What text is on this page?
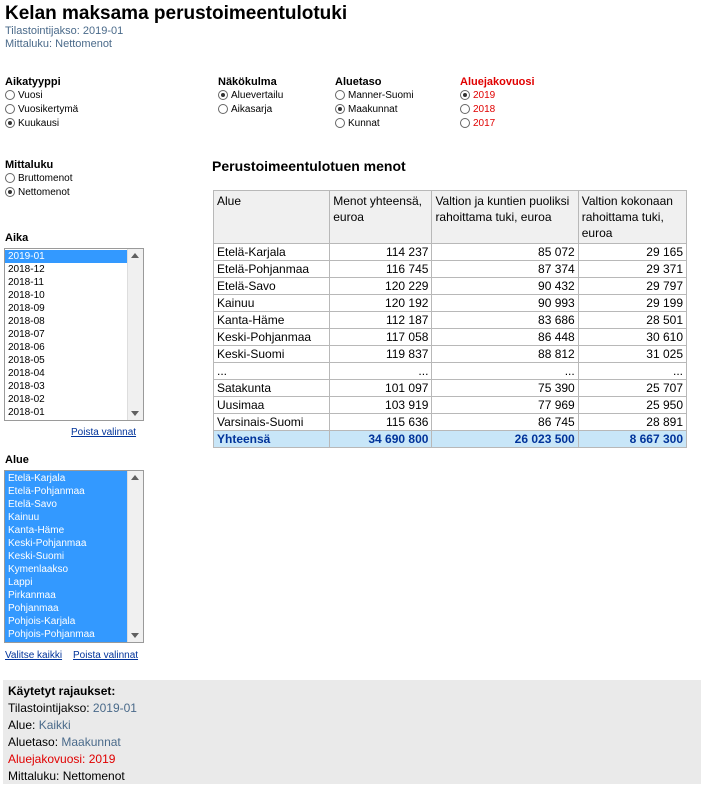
Kelan maksama perustoimeentulotuki
Tilastointijakso: 2019-01
Mittaluku: Nettomenot
Aikatyyppi
Vuosi
Vuosikertymä
Kuukausi
Näkökulma
Aluevertailu
Aikasarja
Aluetaso
Manner-Suomi
Maakunnat
Kunnat
Aluejakovuosi
2019
2018
2017
Mittaluku
Bruttomenot
Nettomenot
Aika
2019-01
2018-12
2018-11
2018-10
2018-09
2018-08
2018-07
2018-06
2018-05
2018-04
2018-03
2018-02
2018-01
Poista valinnat
Alue
Etelä-Karjala
Etelä-Pohjanmaa
Etelä-Savo
Kainuu
Kanta-Häme
Keski-Pohjanmaa
Keski-Suomi
Kymenlaakso
Lappi
Pirkanmaa
Pohjanmaa
Pohjois-Karjala
Pohjois-Pohjanmaa
Valitse kaikki Poista valinnat
Perustoimeentulotuen menot
Alue	Menot yhteensä, euroa	Valtion ja kuntien puoliksi rahoittama tuki, euroa	Valtion kokonaan rahoittama tuki, euroa
Etelä-Karjala	114 237	85 072	29 165
Etelä-Pohjanmaa	116 745	87 374	29 371
Etelä-Savo	120 229	90 432	29 797
Kainuu	120 192	90 993	29 199
Kanta-Häme	112 187	83 686	28 501
Keski-Pohjanmaa	117 058	86 448	30 610
Keski-Suomi	119 837	88 812	31 025
...	...	...	...
Satakunta	101 097	75 390	25 707
Uusimaa	103 919	77 969	25 950
Varsinais-Suomi	115 636	86 745	28 891
Yhteensä	34 690 800	26 023 500	8 667 300
Käytetyt rajaukset:
Tilastointijakso: 2019-01
Alue: Kaikki
Aluetaso: Maakunnat
Aluejakovuosi: 2019
Mittaluku: Nettomenot
